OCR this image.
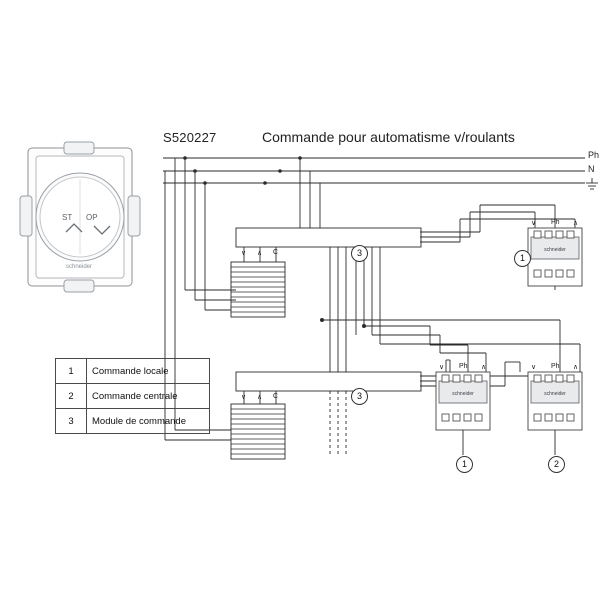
schneider
schneider	schneider
ST OP
schneider
S520227	Commande pour automatisme v/roulants
Ph
N
∨ ∧ C
∨ ∧ C
∨ Ph ∧
∨ Ph ∧	∨ Ph ∧
3
3
1
1	2
1	Commande locale
2	Commande centrale
3	Module de commande
